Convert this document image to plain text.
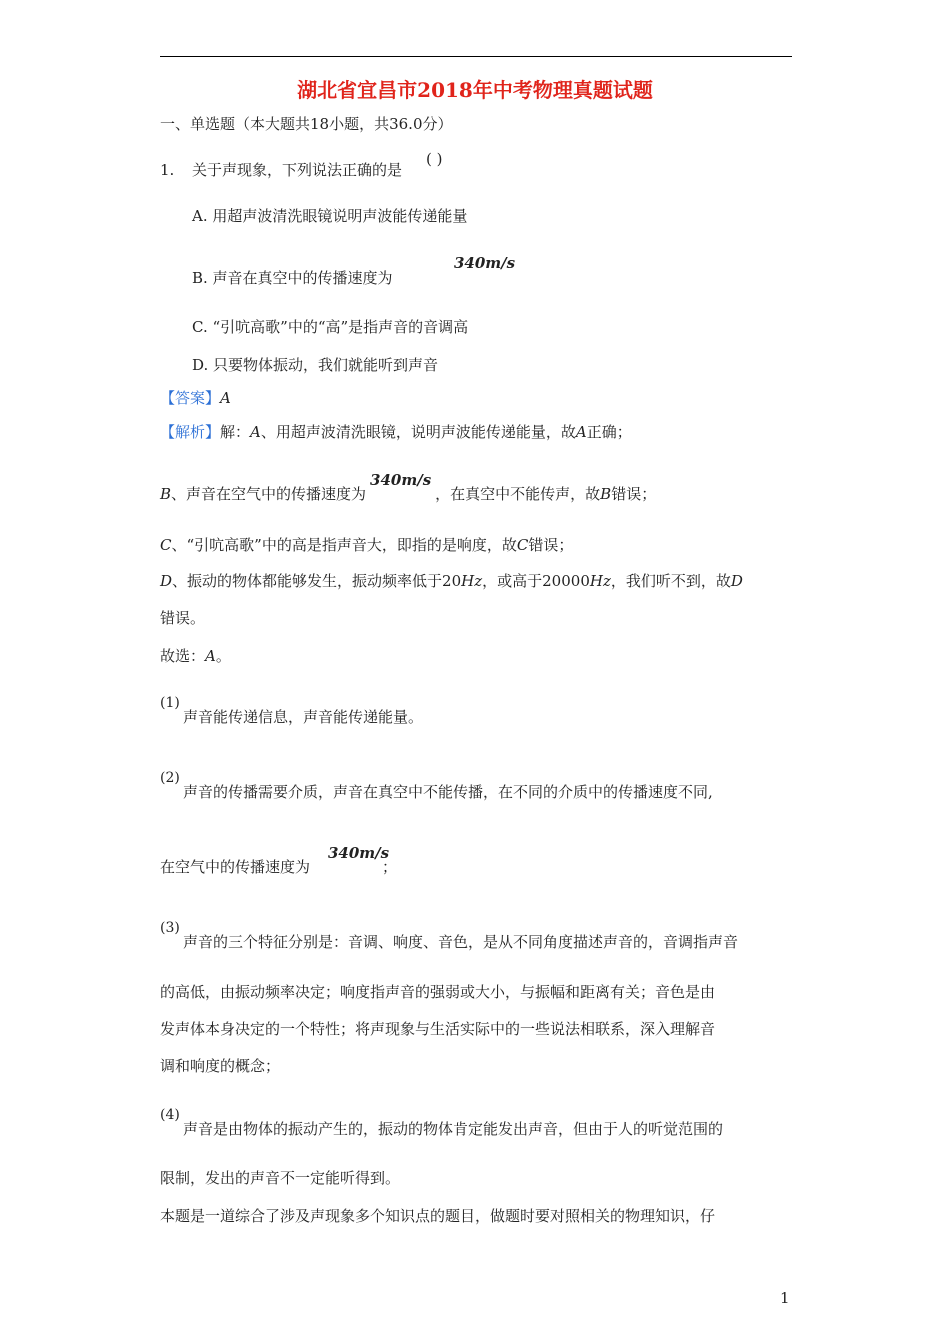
湖北省宜昌市2018年中考物理真题试题
一、单选题（本大题共18小题，共36.0分）
1. 关于声现象，下列说法正确的是
( )
A. 用超声波清洗眼镜说明声波能传递能量
B. 声音在真空中的传播速度为
340m/s
C. “引吭高歌”中的“高”是指声音的音调高
D. 只要物体振动，我们就能听到声音
【答案】A
【解析】解：A、用超声波清洗眼镜，说明声波能传递能量，故A正确；
B、声音在空气中的传播速度为340m/s，在真空中不能传声，故B错误；
C、“引吭高歌”中的高是指声音大，即指的是响度，故C错误；
D、振动的物体都能够发生，振动频率低于20Hz，或高于20000Hz，我们听不到，故D
错误。
故选：A。
(1)
声音能传递信息，声音能传递能量。
(2)
声音的传播需要介质，声音在真空中不能传播，在不同的介质中的传播速度不同,
在空气中的传播速度为
340m/s
；
(3)
声音的三个特征分别是：音调、响度、音色，是从不同角度描述声音的，音调指声音
的高低，由振动频率决定；响度指声音的强弱或大小，与振幅和距离有关；音色是由
发声体本身决定的一个特性；将声现象与生活实际中的一些说法相联系，深入理解音
调和响度的概念；
(4)
声音是由物体的振动产生的，振动的物体肯定能发出声音，但由于人的听觉范围的
限制，发出的声音不一定能听得到。
本题是一道综合了涉及声现象多个知识点的题目，做题时要对照相关的物理知识，仔
1
